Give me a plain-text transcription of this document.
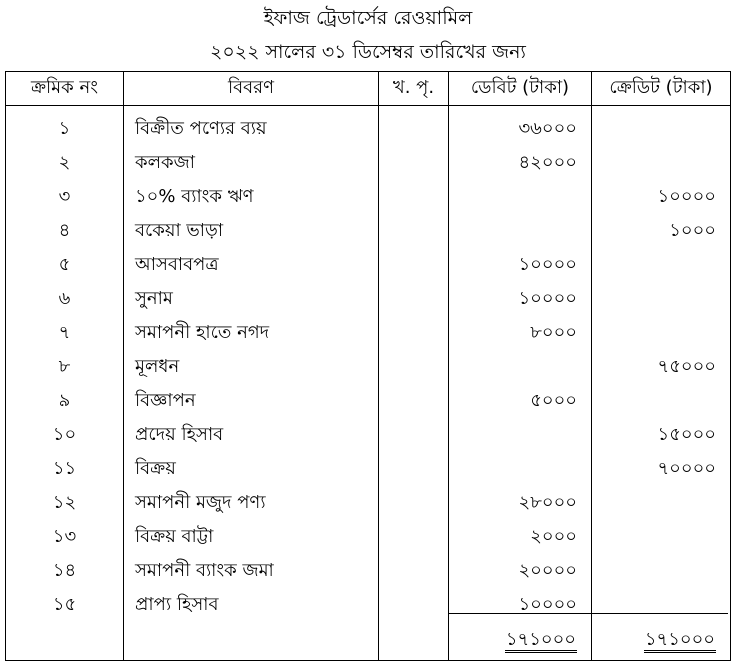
ইফাজ ট্রেডার্সের রেওয়ামিল
২০২২ সালের ৩১ ডিসেম্বর তারিখের জন্য
ক্রমিক নং	বিবরণ	খ. পৃ.	ডেবিট (টাকা)	ক্রেডিট (টাকা)
১	বিক্রীত পণ্যের ব্যয়		৩৬০০০	
২	কলকজা		৪২০০০	
৩	১০% ব্যাংক ঋণ			১০০০০
৪	বকেয়া ভাড়া			১০০০
৫	আসবাবপত্র		১০০০০	
৬	সুনাম		১০০০০	
৭	সমাপনী হাতে নগদ		৮০০০	
৮	মূলধন			৭৫০০০
৯	বিজ্ঞাপন		৫০০০	
১০	প্রদেয় হিসাব			১৫০০০
১১	বিক্রয়			৭০০০০
১২	সমাপনী মজুদ পণ্য		২৮০০০	
১৩	বিক্রয় বাট্টা		২০০০	
১৪	সমাপনী ব্যাংক জমা		২০০০০	
১৫	প্রাপ্য হিসাব		১০০০০	
			১৭১০০০	১৭১০০০
